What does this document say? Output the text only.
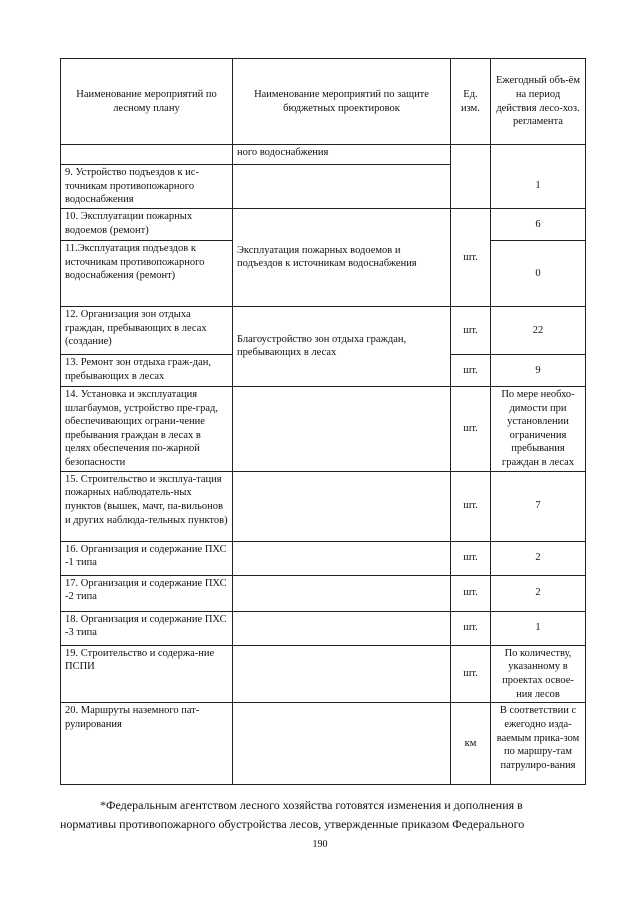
Наименование мероприятий по лесному плану	Наименование мероприятий по защите бюджетных проектировок	Ед. изм.	Ежегодный объ-ём на период действия лесо-хоз. регламента
	ного водоснабжения		
9. Устройство подъездов к ис-точникам противопожарного водоснабжения			1
10. Эксплуатации пожарных водоемов (ремонт)	Эксплуатация пожарных водоемов и подъездов к источникам водоснабжения	шт.	6
11.Эксплуатация подъездов к источникам противопожарного водоснабжения (ремонт)			0
12. Организация зон отдыха граждан, пребывающих в лесах (создание)	Благоустройство зон отдыха граждан, пребывающих в лесах	шт.	22
13. Ремонт зон отдыха граж-дан, пребывающих в лесах		шт.	9
14. Установка и эксплуатация шлагбаумов, устройство пре-град, обеспечивающих ограни-чение пребывания граждан в лесах в целях обеспечения по-жарной безопасности		шт.	По мере необхо-димости при установлении ограничения пребывания граждан в лесах
15. Строительство и эксплуа-тация пожарных наблюдатель-ных пунктов (вышек, мачт, па-вильонов и других наблюда-тельных пунктов)		шт.	7
16. Организация и содержание ПХС -1 типа		шт.	2
17. Организация и содержание ПХС -2 типа		шт.	2
18. Организация и содержание ПХС -3 типа		шт.	1
19. Строительство и содержа-ние ПСПИ		шт.	По количеству, указанному в проектах освое-ния лесов
20. Маршруты наземного пат-рулирования		км	В соответствии с ежегодно изда-ваемым прика-зом по маршру-там патрулиро-вания

*Федеральным агентством лесного хозяйства готовятся изменения и дополнения в

нормативы противопожарного обустройства лесов, утвержденные приказом Федерального

190
